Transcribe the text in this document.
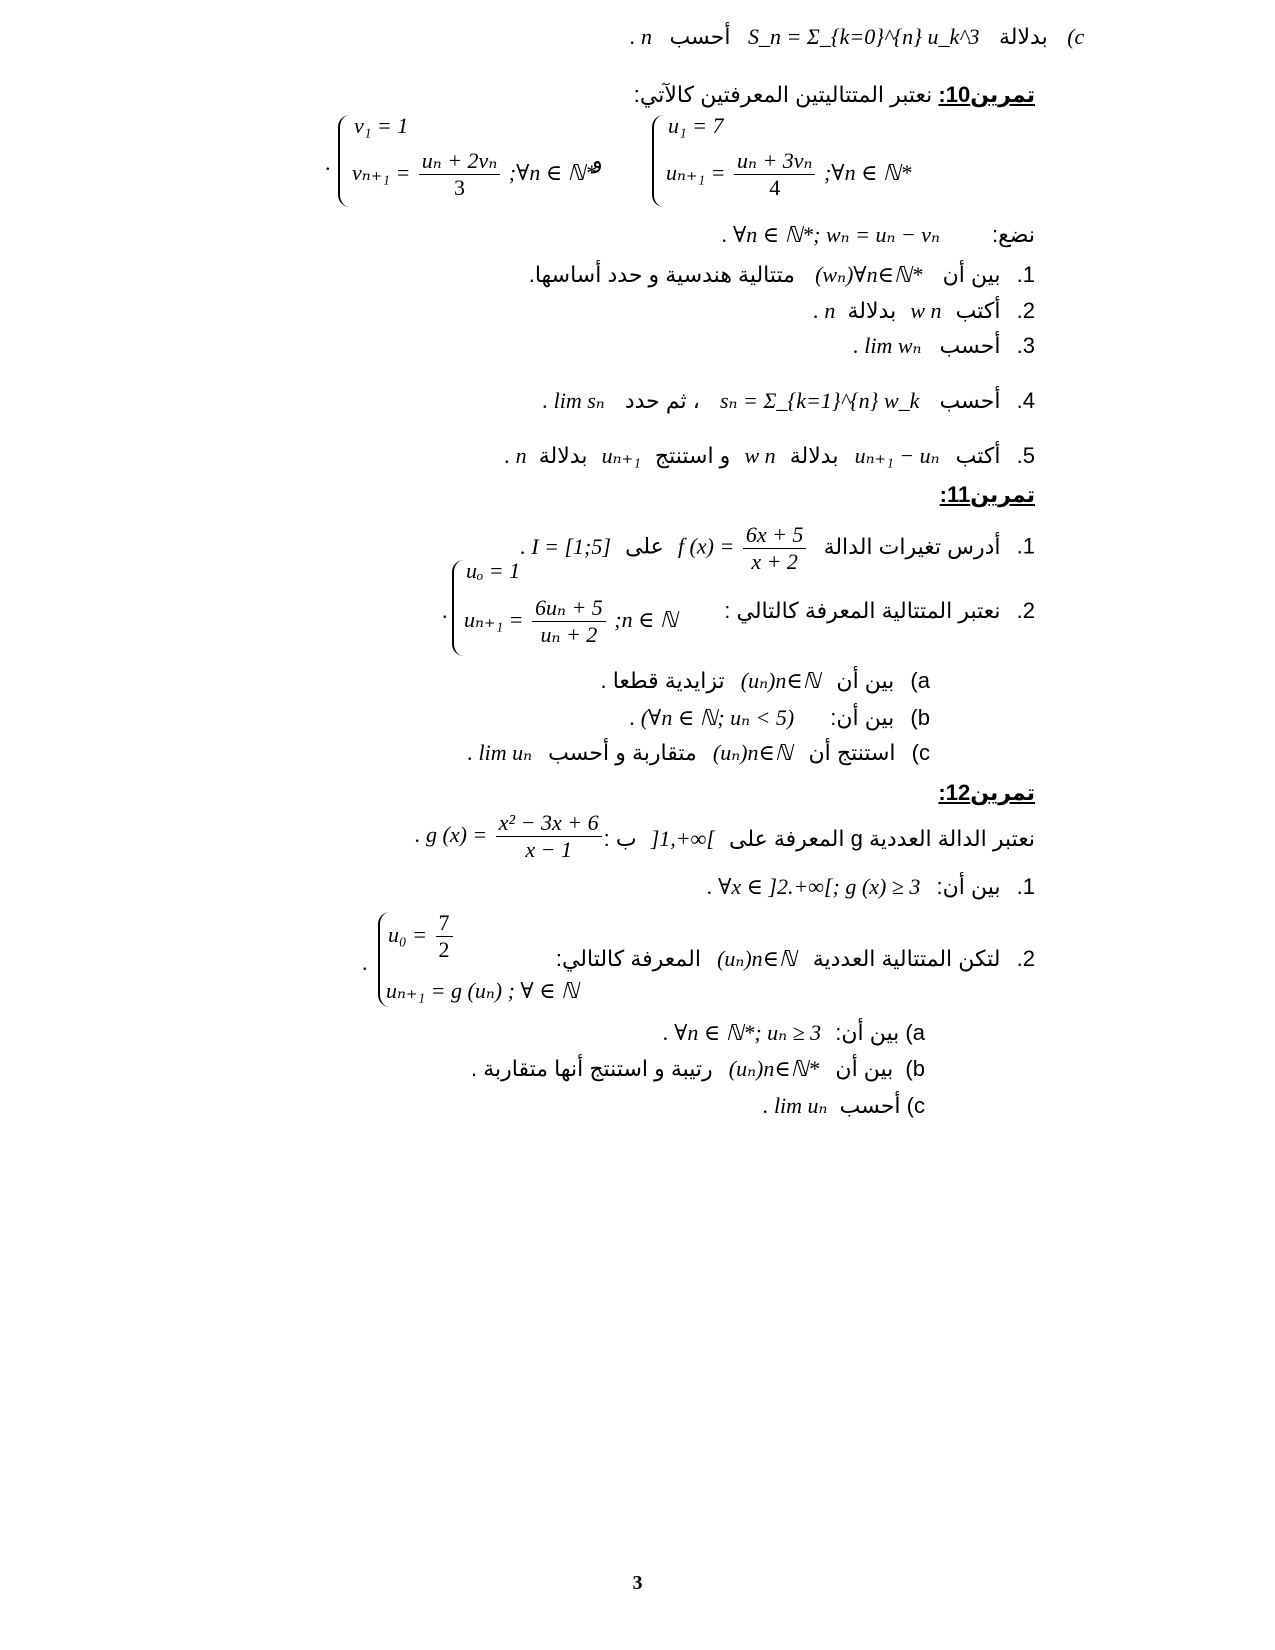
. n	بدلالة S_n = Σ_{k=0}^{n} u_k^3 أحسب	(c
تمرين10: نعتبر المتتاليتين المعرفتين كالآتي:
v₁ = 1
$v_{n+1} = \frac{\text{uₙ + 2vₙ}}{3}$ ;∀n ∈ ℕ*
.	و
u₁ = 7
$u_{n+1} = \frac{\text{uₙ + 3vₙ}}{4}$ ;∀n ∈ ℕ*
. ∀n ∈ ℕ*; wₙ = uₙ − vₙ نضع:
1. بين أن (wₙ)∀n∈ℕ* متتالية هندسية و حدد أساسها.
2. أكتب w n بدلالة . n
3. أحسب . lim wₙ
4. أحسب sₙ = Σ_{k=1}^{n} w_k ، ثم حدد . lim sₙ
5. أكتب uₙ₊₁ − uₙ بدلالة w n و استنتج uₙ₊₁ بدلالة . n
تمرين11:
1. أدرس تغيرات الدالة f $(x) = \frac{6x + 5}{x + 2}$
على . I = [1;5]
uₒ = 1
$u_{n+1} = \frac{\text{6uₙ + 5}}{\text{uₙ + 2}}$ ;n ∈ ℕ
.	2. نعتبر المتتالية المعرفة كالتالي :
a) بين أن (uₙ)n∈ℕ تزايدية قطعا .
b) بين أن: . (∀n ∈ ℕ; uₙ < 5)
c) استنتج أن (uₙ)n∈ℕ متقاربة و أحسب . lim uₙ
تمرين12:
نعتبر الدالة العددية g المعرفة على ]1,+∞[ ب :
. g $(x) = \frac{\text{x² − 3x + 6}}{x - 1}$
1. بين أن: . ∀x ∈ ]2.+∞[; g (x) ≥ 3
$u_0 = \frac{7}{2}$
uₙ₊₁ = g (uₙ) ; ∀ ∈ ℕ
.	2. لتكن المتتالية العددية (uₙ)n∈ℕ المعرفة كالتالي:
a) بين أن: . ∀n ∈ ℕ*; uₙ ≥ 3
b) بين أن (uₙ)n∈ℕ* رتيبة و استنتج أنها متقاربة .
c) أحسب . lim uₙ
3
